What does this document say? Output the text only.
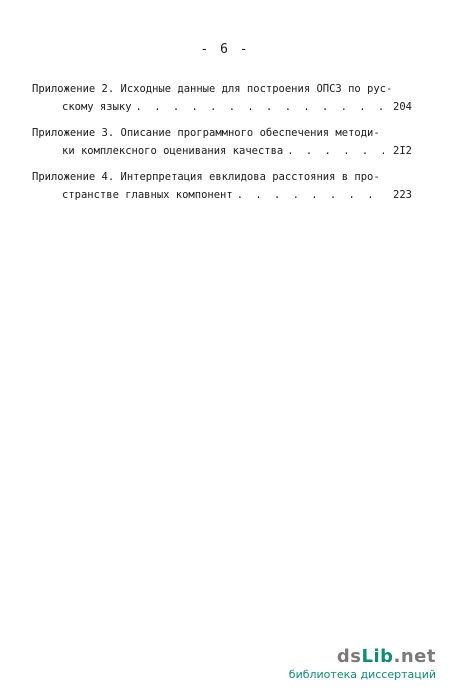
- 6 -
Приложение 2. Исходные данные для построения ОПСЗ по рус-
скому языку . . .	204
Приложение 3. Описание программного обеспечения методи-
ки комплексного оценивания качества . . .	2I2
Приложение 4. Интерпретация евклидова расстояния в про-
странстве главных компонент . . .	223
dsLib.net
библиотека диссертаций
